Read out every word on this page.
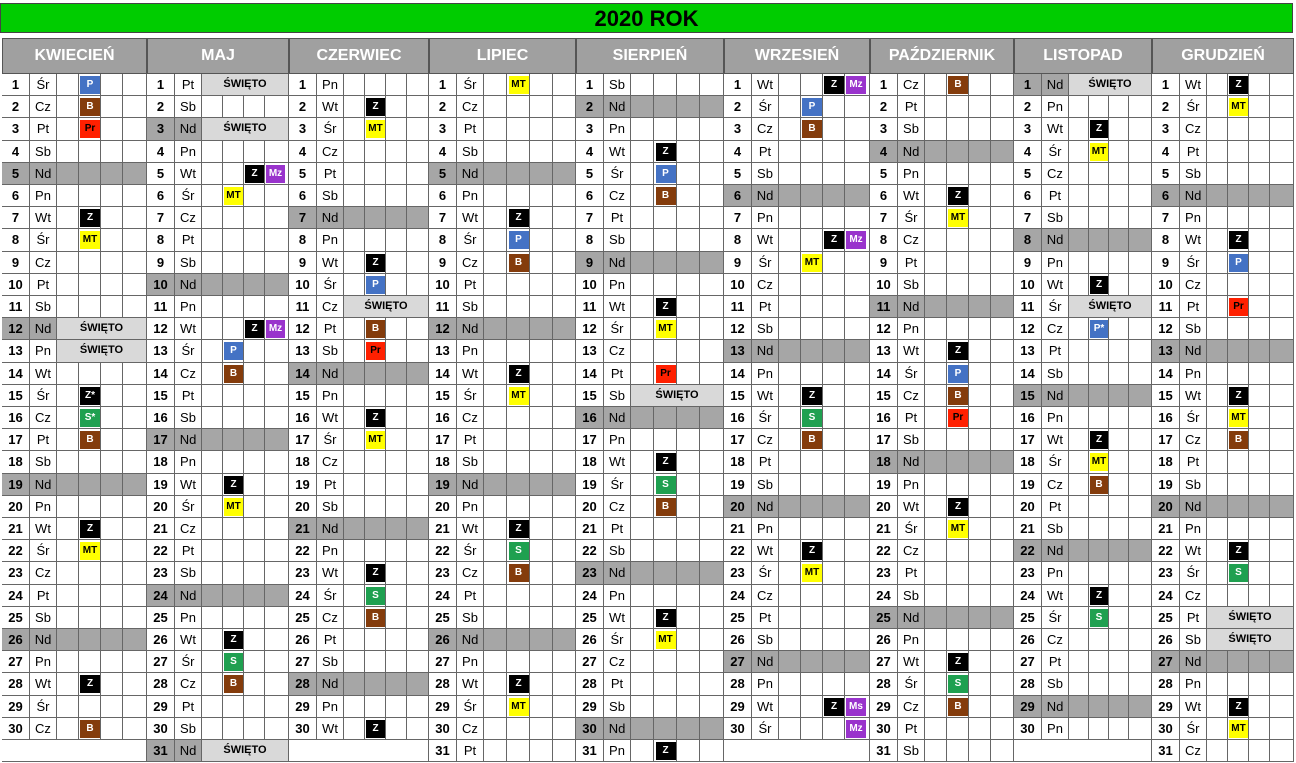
2020 ROK
KWIECIEŃ
1	Śr	P
2	Cz	B
3	Pt	Pr
4	Sb
5	Nd
6	Pn
7	Wt	Z
8	Śr	MT
9	Cz
10	Pt
11 Sb
12 Nd	ŚWIĘTO
13 Pn	ŚWIĘTO
14 Wt
15	Śr	Z*
16 Cz	S*
17	Pt	B
18 Sb
19 Nd
20 Pn
21 Wt	Z
22	Śr	MT
23 Cz
24	Pt
25 Sb
26 Nd
27 Pn
28 Wt	Z
29	Śr
30 Cz	B
MAJ
1	Pt	ŚWIĘTO
2	Sb
3	Nd	ŚWIĘTO
4	Pn
5	Wt	Z	Mz
6	Śr	MT
7	Cz
8	Pt
9	Sb
10 Nd
11 Pn
12 Wt	Z	Mz
13	Śr	P
14 Cz	B
15	Pt
16 Sb
17 Nd
18 Pn
19 Wt	Z
20	Śr	MT
21 Cz
22	Pt
23 Sb
24 Nd
25 Pn
26 Wt	Z
27	Śr	S
28 Cz	B
29	Pt
30 Sb
31 Nd	ŚWIĘTO
CZERWIEC
1	Pn
2	Wt	Z
3	Śr	MT
4	Cz
5	Pt
6	Sb
7	Nd
8	Pn
9	Wt	Z
10	Śr	P
11 Cz	ŚWIĘTO
12	Pt	B
13 Sb	Pr
14 Nd
15 Pn
16 Wt	Z
17	Śr	MT
18 Cz
19	Pt
20 Sb
21 Nd
22 Pn
23 Wt	Z
24	Śr	S
25 Cz	B
26	Pt
27 Sb
28 Nd
29 Pn
30 Wt	Z
LIPIEC
1	Śr	MT
2	Cz
3	Pt
4	Sb
5	Nd
6	Pn
7	Wt	Z
8	Śr	P
9	Cz	B
10	Pt
11 Sb
12 Nd
13 Pn
14 Wt	Z
15	Śr	MT
16 Cz
17	Pt
18 Sb
19 Nd
20 Pn
21 Wt	Z
22	Śr	S
23 Cz	B
24	Pt
25 Sb
26 Nd
27 Pn
28 Wt	Z
29	Śr	MT
30 Cz
31	Pt
SIERPIEŃ
1	Sb
2	Nd
3	Pn
4	Wt	Z
5	Śr	P
6	Cz	B
7	Pt
8	Sb
9	Nd
10 Pn
11 Wt	Z
12	Śr	MT
13 Cz
14	Pt	Pr
15 Sb	ŚWIĘTO
16 Nd
17 Pn
18 Wt	Z
19	Śr	S
20 Cz	B
21	Pt
22 Sb
23 Nd
24 Pn
25 Wt	Z
26	Śr	MT
27 Cz
28	Pt
29 Sb
30 Nd
31 Pn	Z
WRZESIEŃ
1	Wt	Z	Mz
2	Śr	P
3	Cz	B
4	Pt
5	Sb
6	Nd
7	Pn
8	Wt	Z	Mz
9	Śr	MT
10 Cz
11	Pt
12 Sb
13 Nd
14 Pn
15 Wt	Z
16	Śr	S
17 Cz	B
18	Pt
19 Sb
20 Nd
21 Pn
22 Wt	Z
23	Śr	MT
24 Cz
25	Pt
26 Sb
27 Nd
28 Pn
29 Wt	Z	Ms
30	Śr	Mz
PAŹDZIERNIK
1	Cz	B
2	Pt
3	Sb
4	Nd
5	Pn
6	Wt	Z
7	Śr	MT
8	Cz
9	Pt
10 Sb
11 Nd
12 Pn
13 Wt	Z
14	Śr	P
15 Cz	B
16	Pt	Pr
17 Sb
18 Nd
19 Pn
20 Wt	Z
21	Śr	MT
22 Cz
23	Pt
24 Sb
25 Nd
26 Pn
27 Wt	Z
28	Śr	S
29 Cz	B
30	Pt
31 Sb
LISTOPAD
1	Nd	ŚWIĘTO
2	Pn
3	Wt	Z
4	Śr	MT
5	Cz
6	Pt
7	Sb
8	Nd
9	Pn
10 Wt	Z
11	Śr	ŚWIĘTO
12 Cz	P*
13	Pt
14 Sb
15 Nd
16 Pn
17 Wt	Z
18	Śr	MT
19 Cz	B
20	Pt
21 Sb
22 Nd
23 Pn
24 Wt	Z
25	Śr	S
26 Cz
27	Pt
28 Sb
29 Nd
30 Pn
GRUDZIEŃ
1	Wt	Z
2	Śr	MT
3	Cz
4	Pt
5	Sb
6	Nd
7	Pn
8	Wt	Z
9	Śr	P
10 Cz
11	Pt	Pr
12 Sb
13 Nd
14 Pn
15 Wt	Z
16	Śr	MT
17 Cz	B
18	Pt
19 Sb
20 Nd
21 Pn
22 Wt	Z
23	Śr	S
24 Cz
25	Pt	ŚWIĘTO
26 Sb	ŚWIĘTO
27 Nd
28 Pn
29 Wt	Z
30	Śr	MT
31 Cz
